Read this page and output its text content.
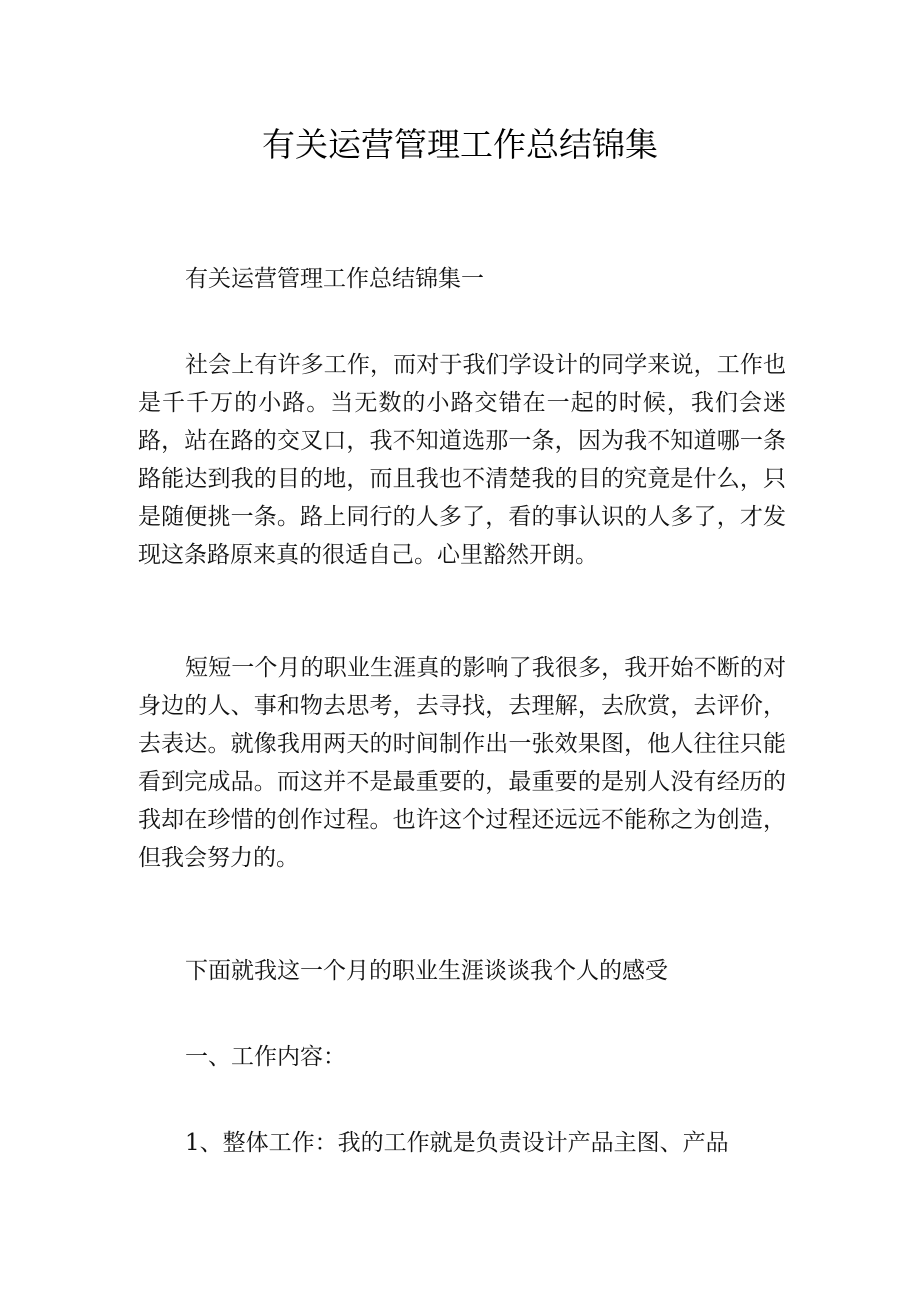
有关运营管理工作总结锦集

有关运营管理工作总结锦集一

社会上有许多工作，而对于我们学设计的同学来说，工作也是千千万的小路。当无数的小路交错在一起的时候，我们会迷路，站在路的交叉口，我不知道选那一条，因为我不知道哪一条路能达到我的目的地，而且我也不清楚我的目的究竟是什么，只是随便挑一条。路上同行的人多了，看的事认识的人多了，才发现这条路原来真的很适自己。心里豁然开朗。

短短一个月的职业生涯真的影响了我很多，我开始不断的对身边的人、事和物去思考，去寻找，去理解，去欣赏，去评价，去表达。就像我用两天的时间制作出一张效果图，他人往往只能看到完成品。而这并不是最重要的，最重要的是别人没有经历的我却在珍惜的创作过程。也许这个过程还远远不能称之为创造，但我会努力的。

下面就我这一个月的职业生涯谈谈我个人的感受

一、工作内容：

1、整体工作：我的工作就是负责设计产品主图、产品
